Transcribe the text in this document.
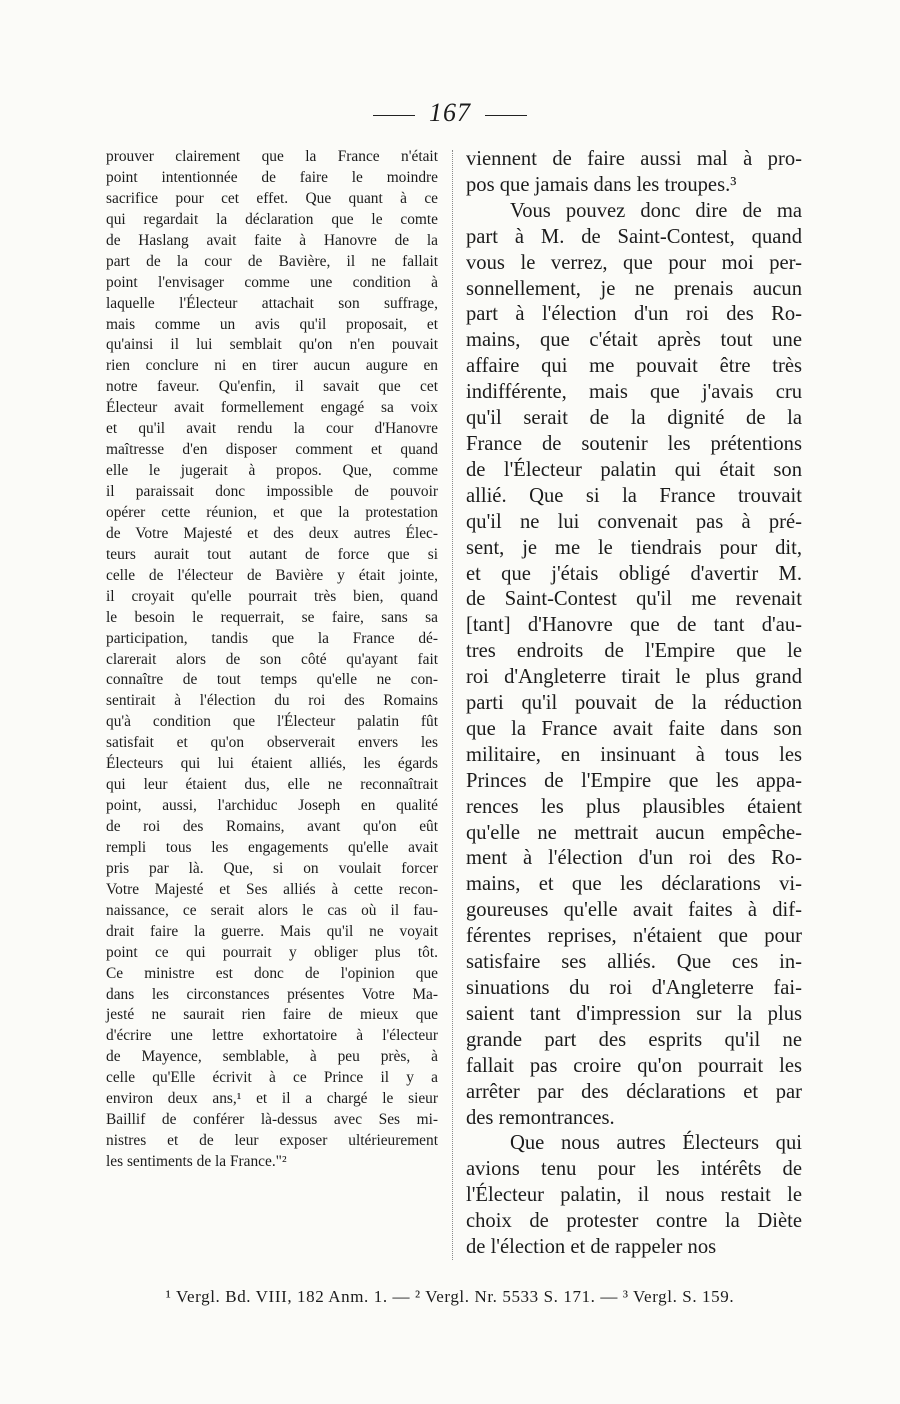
167
prouver clairement que la France n'était
point intentionnée de faire le moindre
sacrifice pour cet effet. Que quant à ce
qui regardait la déclaration que le comte
de Haslang avait faite à Hanovre de la
part de la cour de Bavière, il ne fallait
point l'envisager comme une condition à
laquelle l'Électeur attachait son suffrage,
mais comme un avis qu'il proposait, et
qu'ainsi il lui semblait qu'on n'en pouvait
rien conclure ni en tirer aucun augure en
notre faveur. Qu'enfin, il savait que cet
Électeur avait formellement engagé sa voix
et qu'il avait rendu la cour d'Hanovre
maîtresse d'en disposer comment et quand
elle le jugerait à propos. Que, comme
il paraissait donc impossible de pouvoir
opérer cette réunion, et que la protestation
de Votre Majesté et des deux autres Élec-
teurs aurait tout autant de force que si
celle de l'électeur de Bavière y était jointe,
il croyait qu'elle pourrait très bien, quand
le besoin le requerrait, se faire, sans sa
participation, tandis que la France dé-
clarerait alors de son côté qu'ayant fait
connaître de tout temps qu'elle ne con-
sentirait à l'élection du roi des Romains
qu'à condition que l'Électeur palatin fût
satisfait et qu'on observerait envers les
Électeurs qui lui étaient alliés, les égards
qui leur étaient dus, elle ne reconnaîtrait
point, aussi, l'archiduc Joseph en qualité
de roi des Romains, avant qu'on eût
rempli tous les engagements qu'elle avait
pris par là. Que, si on voulait forcer
Votre Majesté et Ses alliés à cette recon-
naissance, ce serait alors le cas où il fau-
drait faire la guerre. Mais qu'il ne voyait
point ce qui pourrait y obliger plus tôt.
Ce ministre est donc de l'opinion que
dans les circonstances présentes Votre Ma-
jesté ne saurait rien faire de mieux que
d'écrire une lettre exhortatoire à l'électeur
de Mayence, semblable, à peu près, à
celle qu'Elle écrivit à ce Prince il y a
environ deux ans,¹ et il a chargé le sieur
Baillif de conférer là-dessus avec Ses mi-
nistres et de leur exposer ultérieurement
les sentiments de la France."²
viennent de faire aussi mal à pro-
pos que jamais dans les troupes.³
Vous pouvez donc dire de ma
part à M. de Saint-Contest, quand
vous le verrez, que pour moi per-
sonnellement, je ne prenais aucun
part à l'élection d'un roi des Ro-
mains, que c'était après tout une
affaire qui me pouvait être très
indifférente, mais que j'avais cru
qu'il serait de la dignité de la
France de soutenir les prétentions
de l'Électeur palatin qui était son
allié. Que si la France trouvait
qu'il ne lui convenait pas à pré-
sent, je me le tiendrais pour dit,
et que j'étais obligé d'avertir M.
de Saint-Contest qu'il me revenait
[tant] d'Hanovre que de tant d'au-
tres endroits de l'Empire que le
roi d'Angleterre tirait le plus grand
parti qu'il pouvait de la réduction
que la France avait faite dans son
militaire, en insinuant à tous les
Princes de l'Empire que les appa-
rences les plus plausibles étaient
qu'elle ne mettrait aucun empêche-
ment à l'élection d'un roi des Ro-
mains, et que les déclarations vi-
goureuses qu'elle avait faites à dif-
férentes reprises, n'étaient que pour
satisfaire ses alliés. Que ces in-
sinuations du roi d'Angleterre fai-
saient tant d'impression sur la plus
grande part des esprits qu'il ne
fallait pas croire qu'on pourrait les
arrêter par des déclarations et par
des remontrances.
Que nous autres Électeurs qui
avions tenu pour les intérêts de
l'Électeur palatin, il nous restait le
choix de protester contre la Diète
de l'élection et de rappeler nos
¹ Vergl. Bd. VIII, 182 Anm. 1. — ² Vergl. Nr. 5533 S. 171. — ³ Vergl. S. 159.
